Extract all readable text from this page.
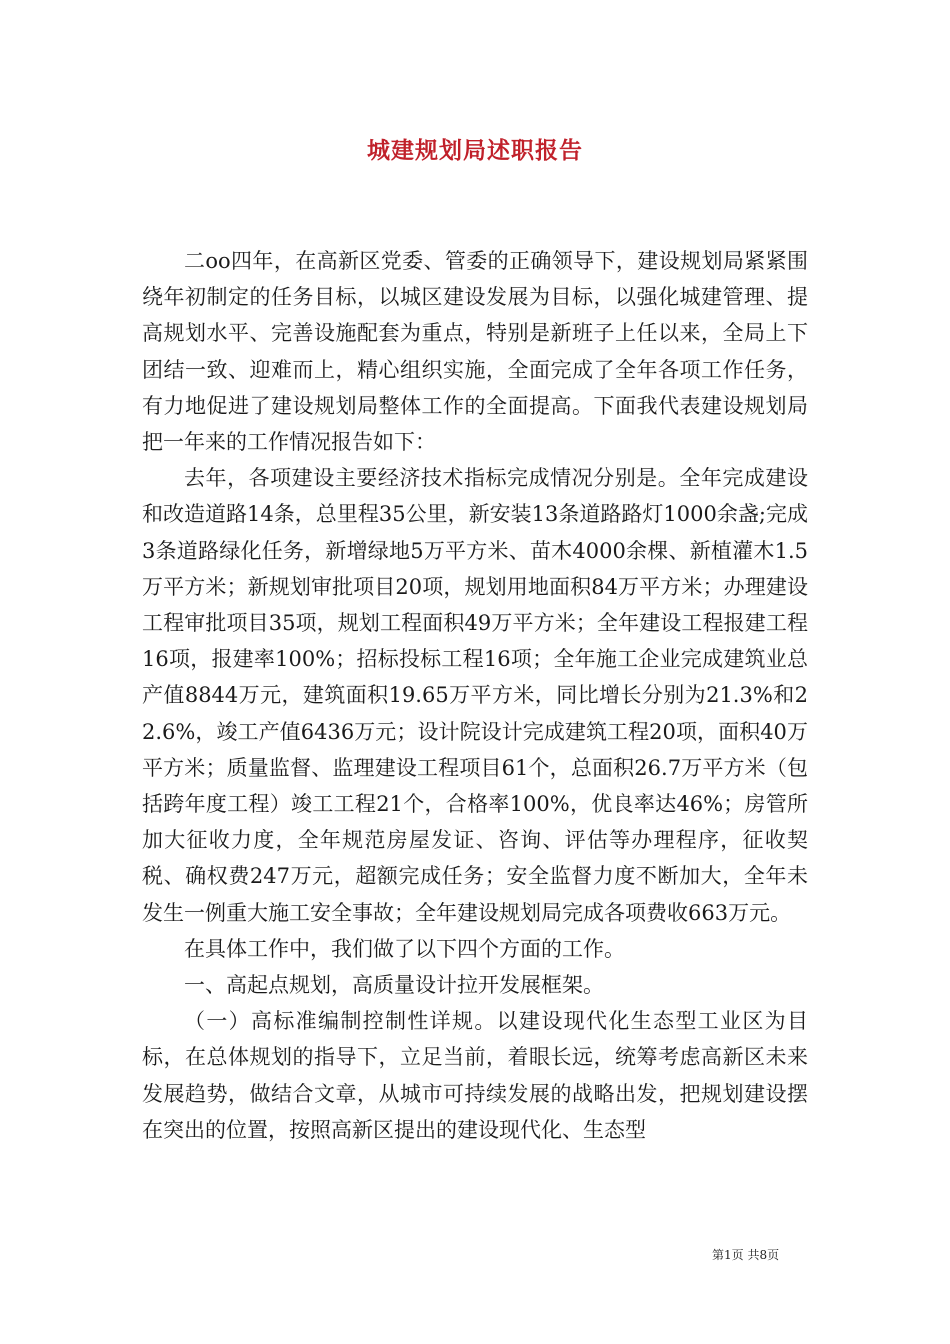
城建规划局述职报告

二oo四年，在高新区党委、管委的正确领导下，建设规划局紧紧围绕年初制定的任务目标，以城区建设发展为目标，以强化城建管理、提高规划水平、完善设施配套为重点，特别是新班子上任以来，全局上下团结一致、迎难而上，精心组织实施，全面完成了全年各项工作任务，有力地促进了建设规划局整体工作的全面提高。下面我代表建设规划局把一年来的工作情况报告如下：

去年，各项建设主要经济技术指标完成情况分别是。全年完成建设和改造道路14条，总里程35公里，新安装13条道路路灯1000余盏;完成3条道路绿化任务，新增绿地5万平方米、苗木4000余棵、新植灌木1.5万平方米；新规划审批项目20项，规划用地面积84万平方米；办理建设工程审批项目35项，规划工程面积49万平方米；全年建设工程报建工程16项，报建率100%；招标投标工程16项；全年施工企业完成建筑业总产值8844万元，建筑面积19.65万平方米，同比增长分别为21.3%和22.6%，竣工产值6436万元；设计院设计完成建筑工程20项，面积40万平方米；质量监督、监理建设工程项目61个，总面积26.7万平方米（包括跨年度工程）竣工工程21个，合格率100%，优良率达46%；房管所加大征收力度，全年规范房屋发证、咨询、评估等办理程序，征收契税、确权费247万元，超额完成任务；安全监督力度不断加大，全年未发生一例重大施工安全事故；全年建设规划局完成各项费收663万元。

在具体工作中，我们做了以下四个方面的工作。

一、高起点规划，高质量设计拉开发展框架。

（一）高标准编制控制性详规。以建设现代化生态型工业区为目标，在总体规划的指导下，立足当前，着眼长远，统筹考虑高新区未来发展趋势，做结合文章，从城市可持续发展的战略出发，把规划建设摆在突出的位置，按照高新区提出的建设现代化、生态型

第1页 共8页
